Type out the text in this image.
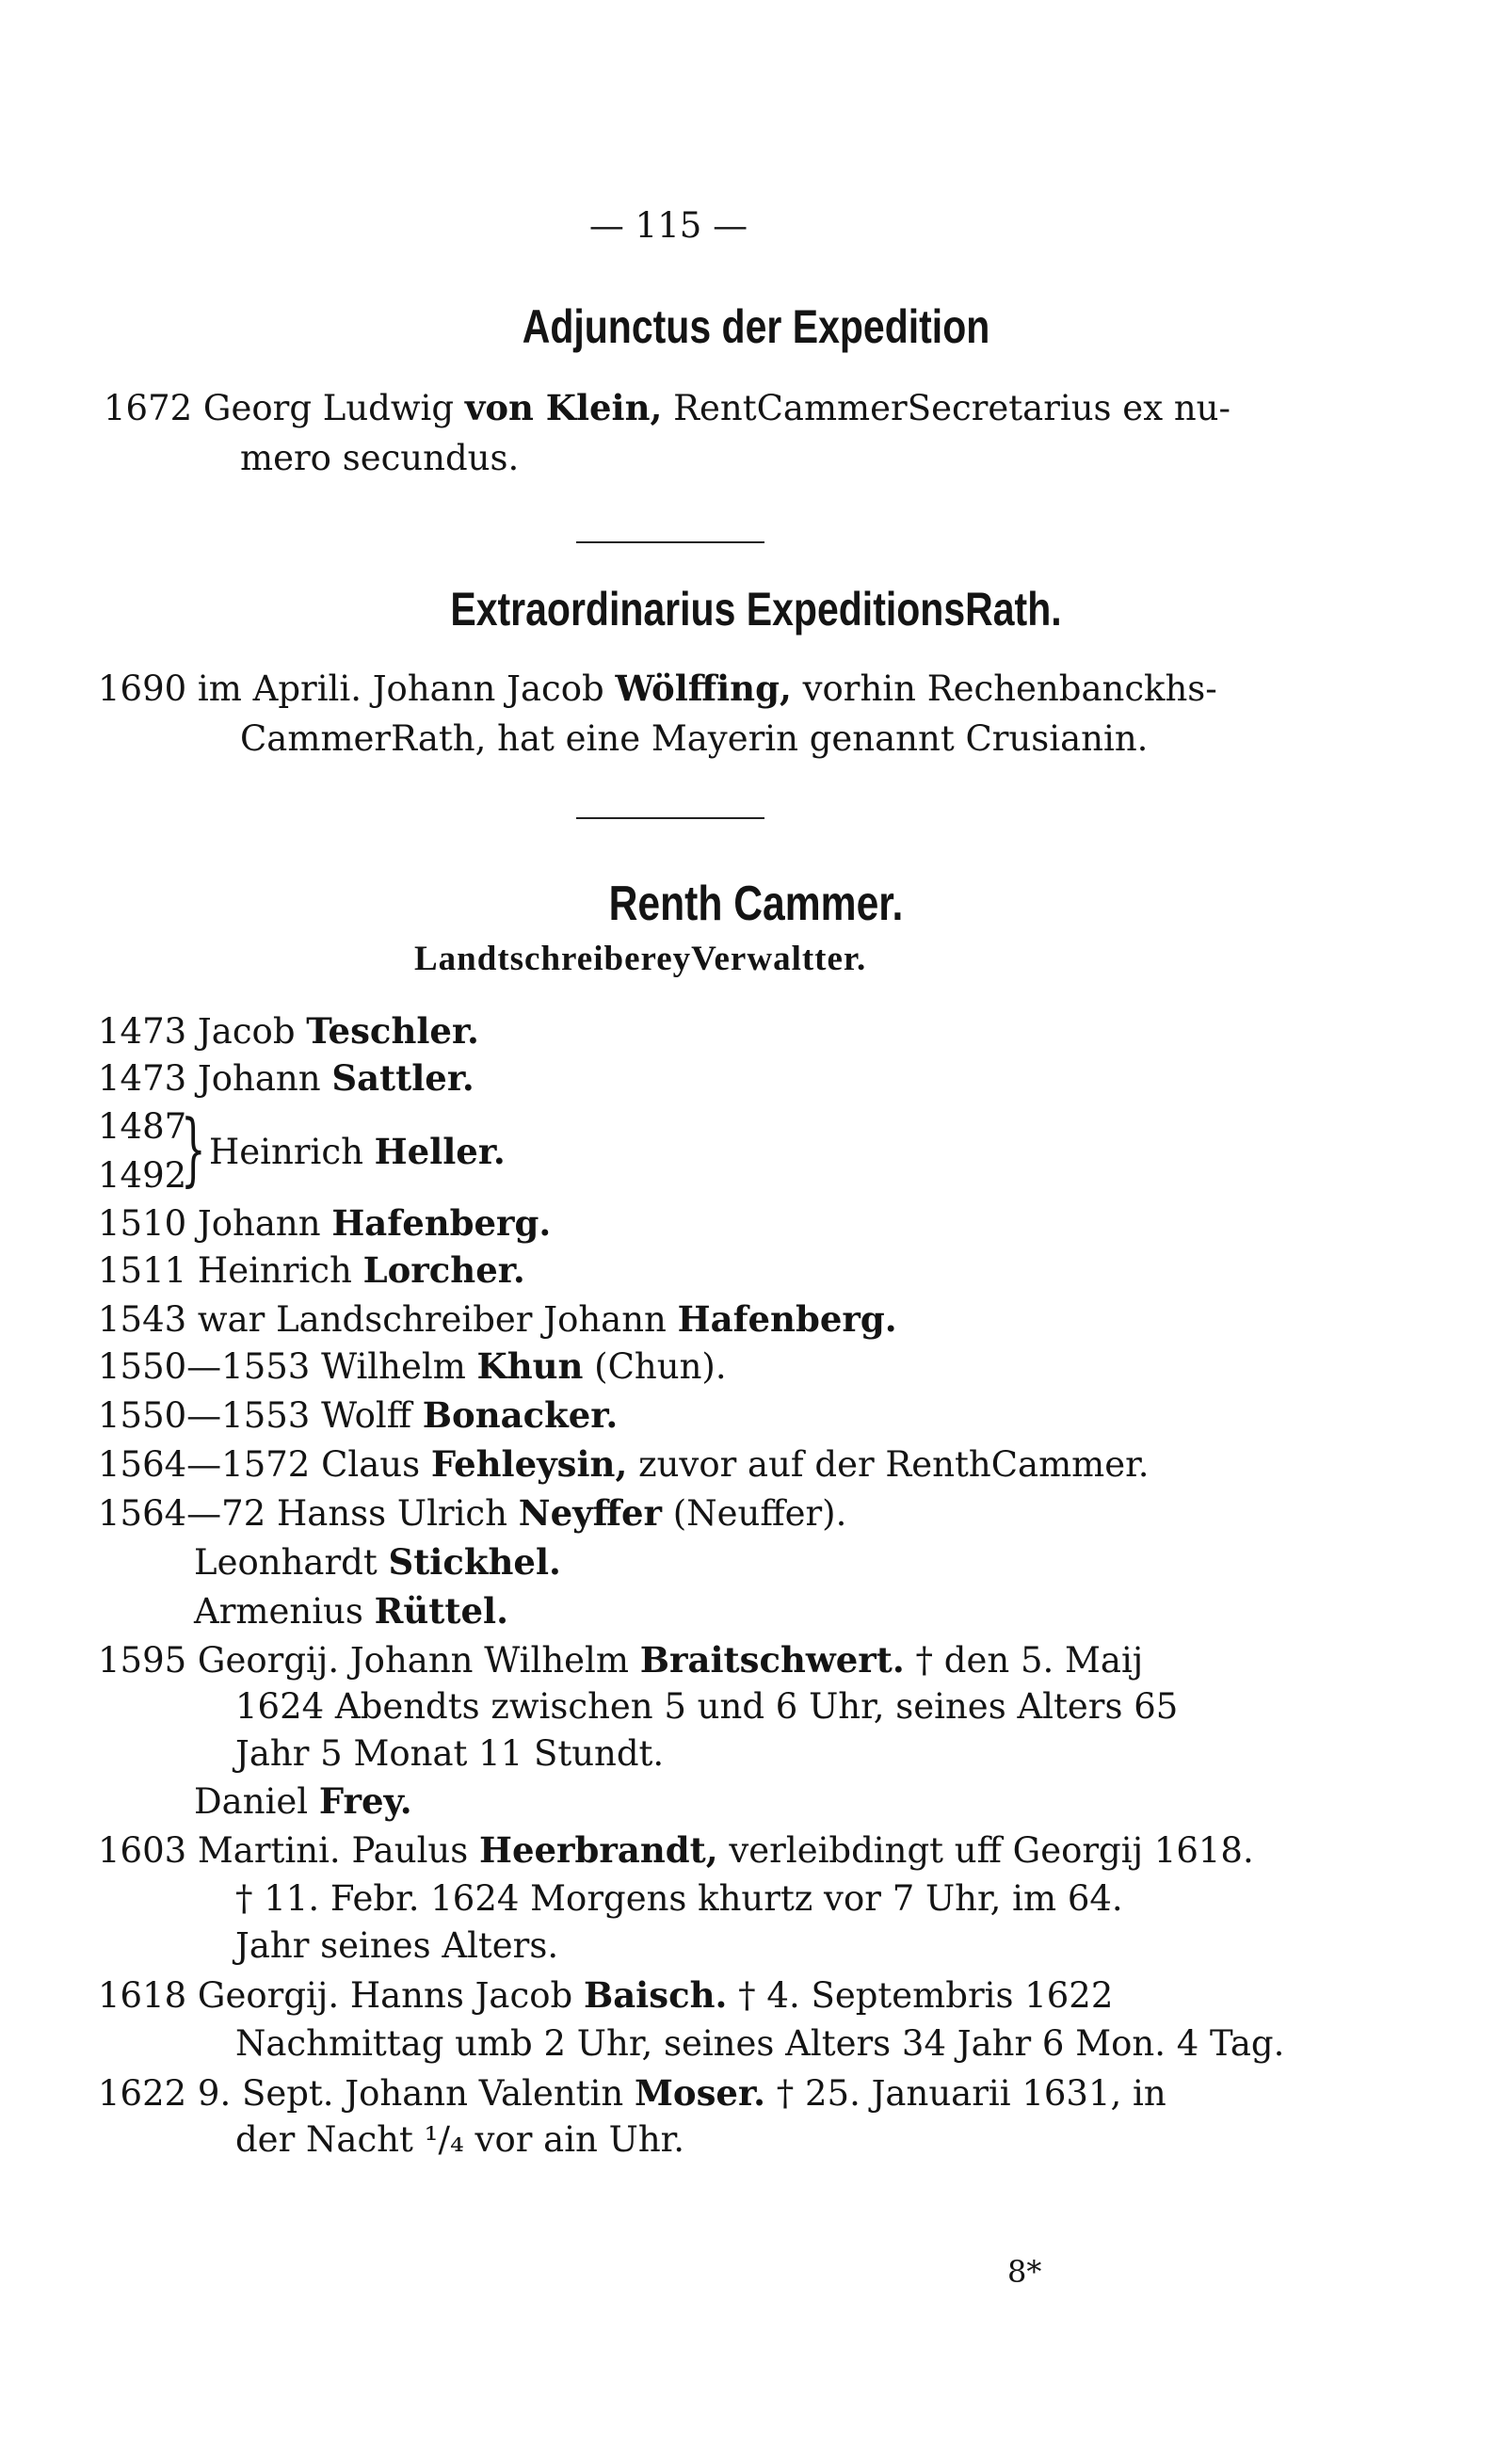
— 115 —
Adjunctus der Expedition
1672 Georg Ludwig von Klein, RentCammerSecretarius ex nu-
mero secundus.
Extraordinarius ExpeditionsRath.
1690 im Aprili. Johann Jacob Wölffing, vorhin Rechenbanckhs-
CammerRath, hat eine Mayerin genannt Crusianin.
Renth Cammer.
LandtschreibereyVerwaltter.
1473 Jacob Teschler.
1473 Johann Sattler.
1487
1492
} Heinrich Heller.
1510 Johann Hafenberg.
1511 Heinrich Lorcher.
1543 war Landschreiber Johann Hafenberg.
1550—1553 Wilhelm Khun (Chun).
1550—1553 Wolff Bonacker.
1564—1572 Claus Fehleysin, zuvor auf der RenthCammer.
1564—72 Hanss Ulrich Neyffer (Neuffer).
Leonhardt Stickhel.
Armenius Rüttel.
1595 Georgij. Johann Wilhelm Braitschwert. † den 5. Maij
1624 Abendts zwischen 5 und 6 Uhr, seines Alters 65
Jahr 5 Monat 11 Stundt.
Daniel Frey.
1603 Martini. Paulus Heerbrandt, verleibdingt uff Georgij 1618.
† 11. Febr. 1624 Morgens khurtz vor 7 Uhr, im 64.
Jahr seines Alters.
1618 Georgij. Hanns Jacob Baisch. † 4. Septembris 1622
Nachmittag umb 2 Uhr, seines Alters 34 Jahr 6 Mon. 4 Tag.
1622 9. Sept. Johann Valentin Moser. † 25. Januarii 1631, in
der Nacht ¹/₄ vor ain Uhr.
8*
